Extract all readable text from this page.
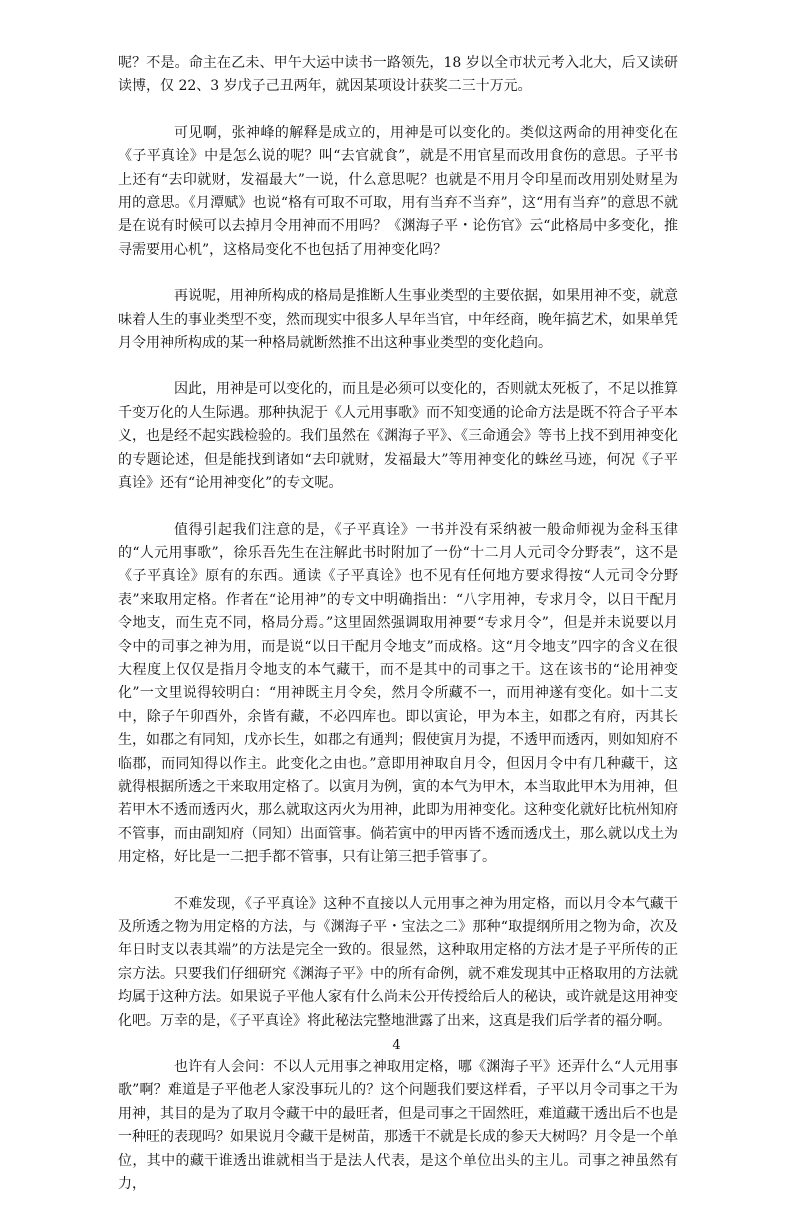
呢？不是。命主在乙未、甲午大运中读书一路领先，18 岁以全市状元考入北大，后又读研读博，仅 22、3 岁戊子己丑两年，就因某项设计获奖二三十万元。

可见啊，张神峰的解释是成立的，用神是可以变化的。类似这两命的用神变化在《子平真诠》中是怎么说的呢？叫“去官就食”，就是不用官星而改用食伤的意思。子平书上还有“去印就财，发福最大”一说，什么意思呢？也就是不用月令印星而改用别处财星为用的意思。《月潭赋》也说“格有可取不可取，用有当弃不当弃”，这“用有当弃”的意思不就是在说有时候可以去掉月令用神而不用吗？《渊海子平・论伤官》云“此格局中多变化，推寻需要用心机”，这格局变化不也包括了用神变化吗？

再说呢，用神所构成的格局是推断人生事业类型的主要依据，如果用神不变，就意味着人生的事业类型不变，然而现实中很多人早年当官，中年经商，晚年搞艺术，如果单凭月令用神所构成的某一种格局就断然推不出这种事业类型的变化趋向。

因此，用神是可以变化的，而且是必须可以变化的，否则就太死板了，不足以推算千变万化的人生际遇。那种执泥于《人元用事歌》而不知变通的论命方法是既不符合子平本义，也是经不起实践检验的。我们虽然在《渊海子平》、《三命通会》等书上找不到用神变化的专题论述，但是能找到诸如“去印就财，发福最大”等用神变化的蛛丝马迹，何况《子平真诠》还有“论用神变化”的专文呢。

值得引起我们注意的是，《子平真诠》一书并没有采纳被一般命师视为金科玉律的“人元用事歌”，徐乐吾先生在注解此书时附加了一份“十二月人元司令分野表”，这不是《子平真诠》原有的东西。通读《子平真诠》也不见有任何地方要求得按“人元司令分野表”来取用定格。作者在“论用神”的专文中明确指出：“八字用神，专求月令，以日干配月令地支，而生克不同，格局分焉。”这里固然强调取用神要“专求月令”，但是并未说要以月令中的司事之神为用，而是说“以日干配月令地支”而成格。这“月令地支”四字的含义在很大程度上仅仅是指月令地支的本气藏干，而不是其中的司事之干。这在该书的“论用神变化”一文里说得较明白：“用神既主月令矣，然月令所藏不一，而用神遂有变化。如十二支中，除子午卯酉外，余皆有藏，不必四库也。即以寅论，甲为本主，如郡之有府，丙其长生，如郡之有同知，戊亦长生，如郡之有通判；假使寅月为提，不透甲而透丙，则如知府不临郡，而同知得以作主。此变化之由也。”意即用神取自月令，但因月令中有几种藏干，这就得根据所透之干来取用定格了。以寅月为例，寅的本气为甲木，本当取此甲木为用神，但若甲木不透而透丙火，那么就取这丙火为用神，此即为用神变化。这种变化就好比杭州知府不管事，而由副知府（同知）出面管事。倘若寅中的甲丙皆不透而透戊土，那么就以戊土为用定格，好比是一二把手都不管事，只有让第三把手管事了。

不难发现，《子平真诠》这种不直接以人元用事之神为用定格，而以月令本气藏干及所透之物为用定格的方法，与《渊海子平・宝法之二》那种“取提纲所用之物为命，次及年日时支以表其端”的方法是完全一致的。很显然，这种取用定格的方法才是子平所传的正宗方法。只要我们仔细研究《渊海子平》中的所有命例，就不难发现其中正格取用的方法就均属于这种方法。如果说子平他人家有什么尚未公开传授给后人的秘诀，或许就是这用神变化吧。万幸的是，《子平真诠》将此秘法完整地泄露了出来，这真是我们后学者的福分啊。

也许有人会问：不以人元用事之神取用定格，哪《渊海子平》还弄什么“人元用事歌”啊？难道是子平他老人家没事玩儿的？这个问题我们要这样看，子平以月令司事之干为用神，其目的是为了取月令藏干中的最旺者，但是司事之干固然旺，难道藏干透出后不也是一种旺的表现吗？如果说月令藏干是树苗，那透干不就是长成的参天大树吗？月令是一个单位，其中的藏干谁透出谁就相当于是法人代表，是这个单位出头的主儿。司事之神虽然有力，

4
